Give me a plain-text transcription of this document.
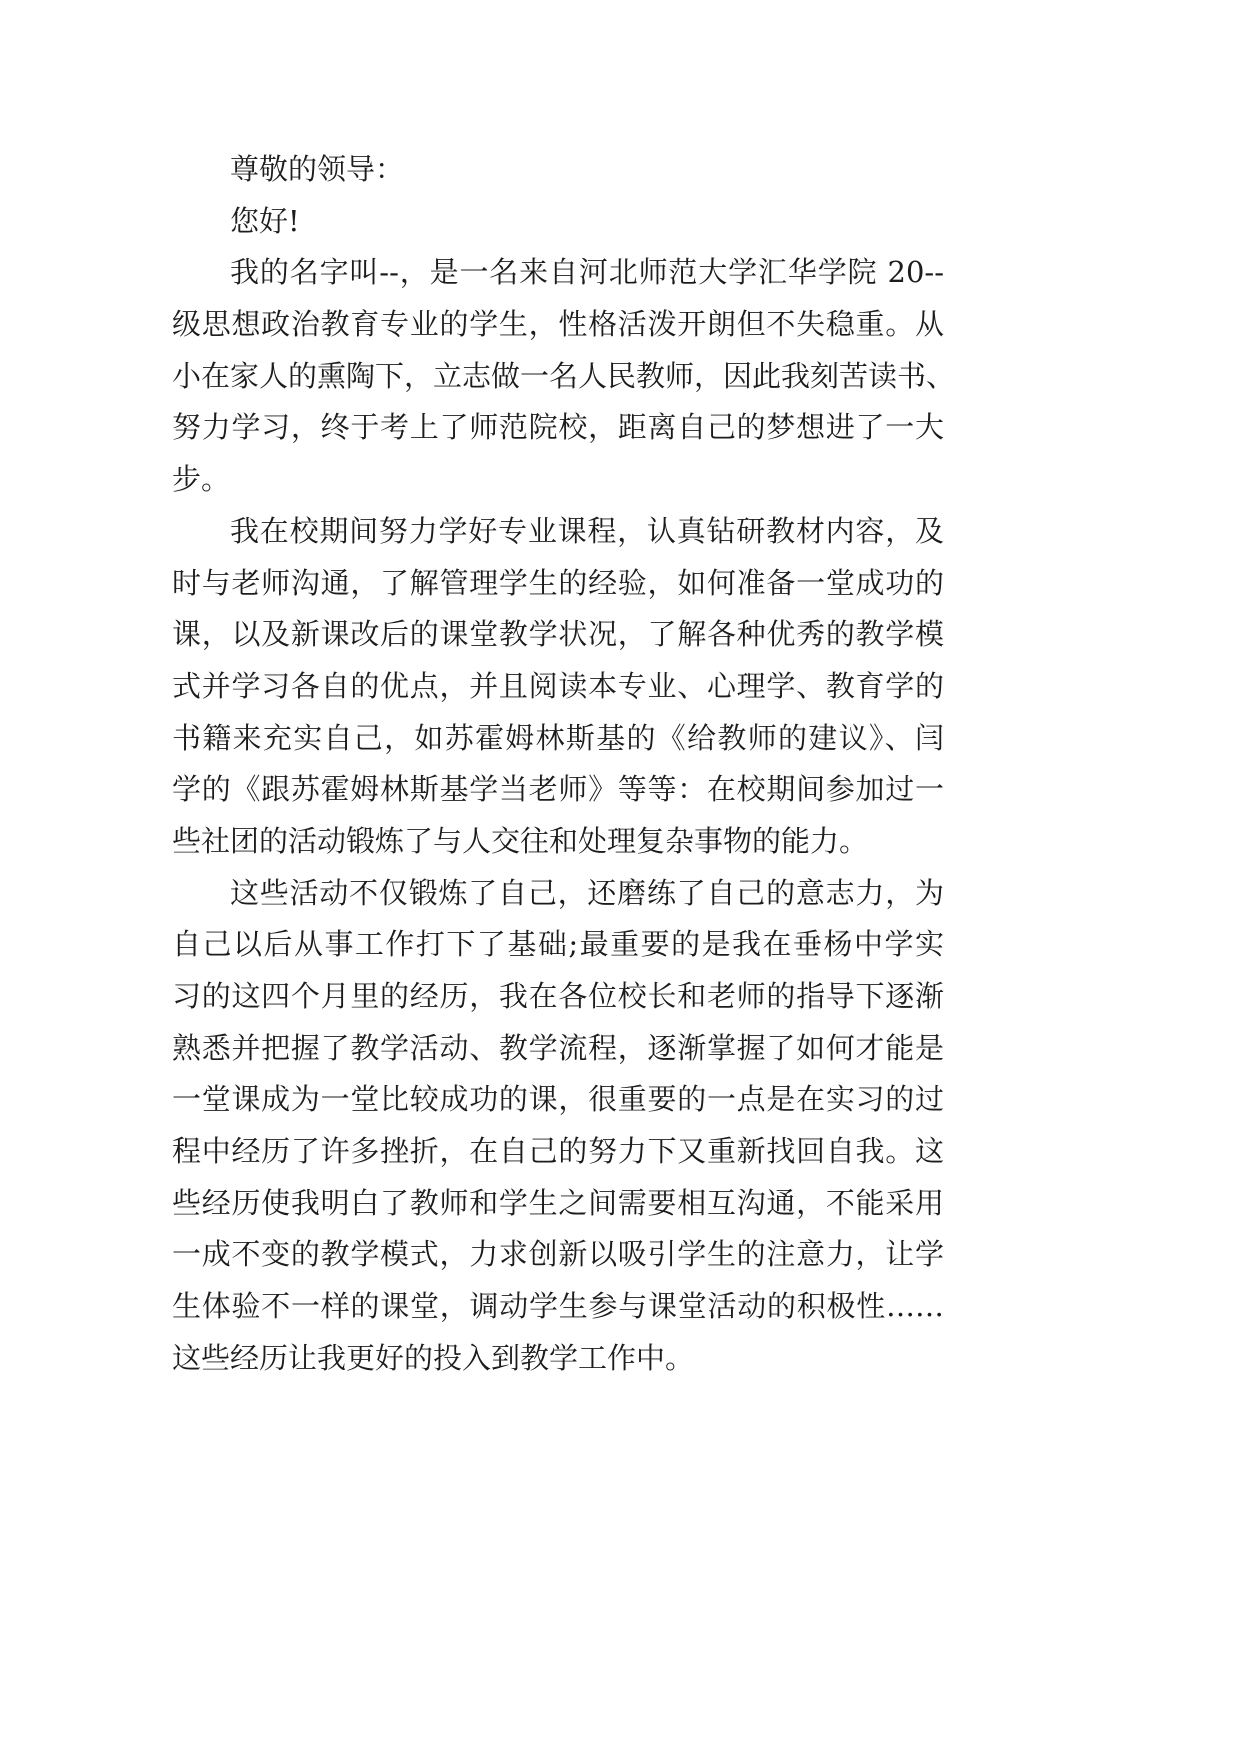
尊敬的领导：
您好!
我的名字叫--，是一名来自河北师范大学汇华学院 20--
级思想政治教育专业的学生，性格活泼开朗但不失稳重。从
小在家人的熏陶下，立志做一名人民教师，因此我刻苦读书、
努力学习，终于考上了师范院校，距离自己的梦想进了一大
步。
我在校期间努力学好专业课程，认真钻研教材内容，及
时与老师沟通，了解管理学生的经验，如何准备一堂成功的
课，以及新课改后的课堂教学状况，了解各种优秀的教学模
式并学习各自的优点，并且阅读本专业、心理学、教育学的
书籍来充实自己，如苏霍姆林斯基的《给教师的建议》、闫
学的《跟苏霍姆林斯基学当老师》等等：在校期间参加过一
些社团的活动锻炼了与人交往和处理复杂事物的能力。
这些活动不仅锻炼了自己，还磨练了自己的意志力，为
自己以后从事工作打下了基础;最重要的是我在垂杨中学实
习的这四个月里的经历，我在各位校长和老师的指导下逐渐
熟悉并把握了教学活动、教学流程，逐渐掌握了如何才能是
一堂课成为一堂比较成功的课，很重要的一点是在实习的过
程中经历了许多挫折，在自己的努力下又重新找回自我。这
些经历使我明白了教师和学生之间需要相互沟通，不能采用
一成不变的教学模式，力求创新以吸引学生的注意力，让学
生体验不一样的课堂，调动学生参与课堂活动的积极性……
这些经历让我更好的投入到教学工作中。
